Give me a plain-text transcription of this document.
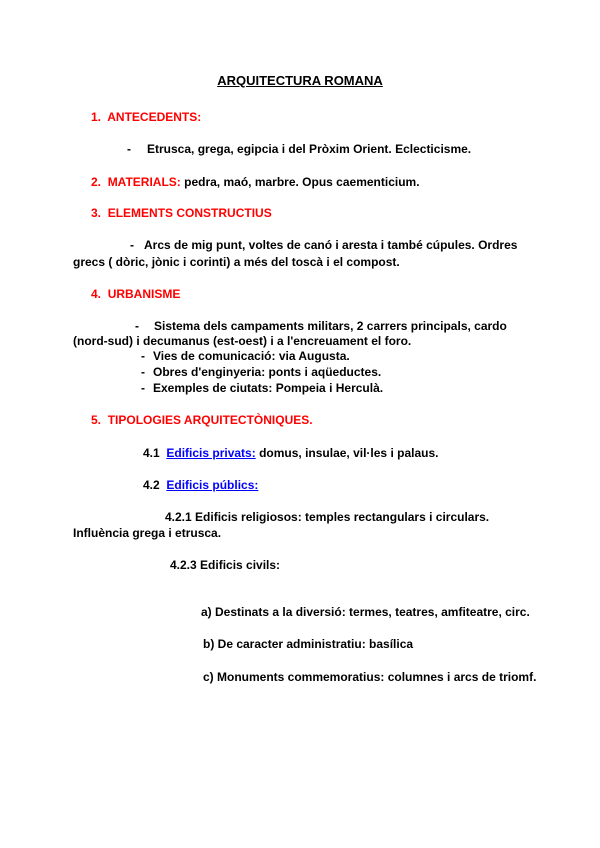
ARQUITECTURA ROMANA
1. ANTECEDENTS:
- Etrusca, grega, egipcia i del Pròxim Orient. Eclecticisme.
2. MATERIALS: pedra, maó, marbre. Opus caementicium.
3. ELEMENTS CONSTRUCTIUS
- Arcs de mig punt, voltes de canó i aresta i també cúpules. Ordres
grecs ( dòric, jònic i corinti) a més del toscà i el compost.
4. URBANISME
- Sistema dels campaments militars, 2 carrers principals, cardo
(nord-sud) i decumanus (est-oest) i a l'encreuament el foro.
- Vies de comunicació: via Augusta.
- Obres d'enginyeria: ponts i aqüeductes.
- Exemples de ciutats: Pompeia i Herculà.
5. TIPOLOGIES ARQUITECTÒNIQUES.
4.1 Edificis privats: domus, insulae, vil·les i palaus.
4.2 Edificis públics:
4.2.1 Edificis religiosos: temples rectangulars i circulars.
Influència grega i etrusca.
4.2.3 Edificis civils:
a) Destinats a la diversió: termes, teatres, amfiteatre, circ.
b) De caracter administratiu: basílica
c) Monuments commemoratius: columnes i arcs de triomf.
